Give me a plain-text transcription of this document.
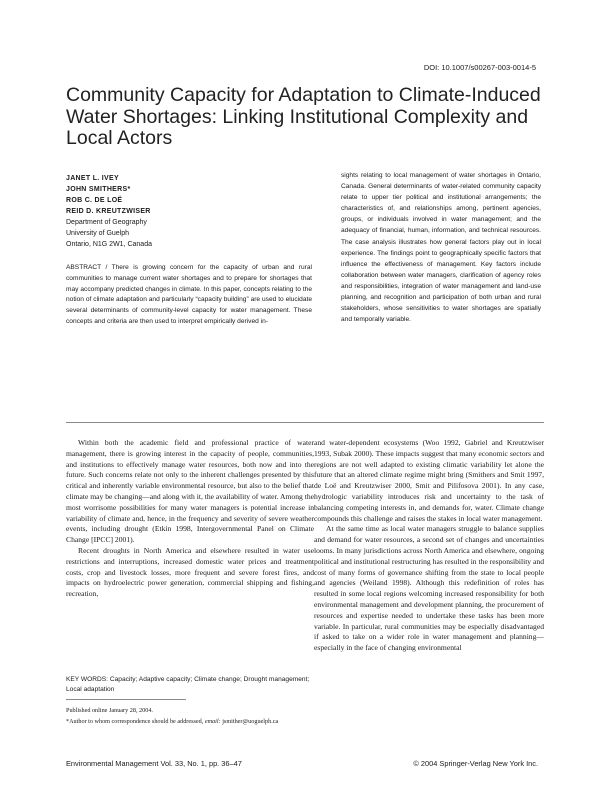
DOI: 10.1007/s00267-003-0014-5
Community Capacity for Adaptation to Climate-Induced Water Shortages: Linking Institutional Complexity and Local Actors
JANET L. IVEY
JOHN SMITHERS*
ROB C. DE LOË
REID D. KREUTZWISER
Department of Geography
University of Guelph
Ontario, N1G 2W1, Canada
ABSTRACT / There is growing concern for the capacity of urban and rural communities to manage current water shortages and to prepare for shortages that may accompany predicted changes in climate. In this paper, concepts relating to the notion of climate adaptation and particularly “capacity building” are used to elucidate several determinants of community-level capacity for water management. These concepts and criteria are then used to interpret empirically derived in-
sights relating to local management of water shortages in Ontario, Canada. General determinants of water-related community capacity relate to upper tier political and institutional arrangements; the characteristics of, and relationships among, pertinent agencies, groups, or individuals involved in water management; and the adequacy of financial, human, information, and technical resources. The case analysis illustrates how general factors play out in local experience. The findings point to geographically specific factors that influence the effectiveness of management. Key factors include collaboration between water managers, clarification of agency roles and responsibilities, integration of water management and land-use planning, and recognition and participation of both urban and rural stakeholders, whose sensitivities to water shortages are spatially and temporally variable.

Within both the academic field and professional practice of water management, there is growing interest in the capacity of people, communities, and institutions to effectively manage water resources, both now and into the future. Such concerns relate not only to the inherent challenges presented by this critical and inherently variable environmental resource, but also to the belief that climate may be changing—and along with it, the availability of water. Among the most worrisome possibilities for many water managers is potential increase in variability of climate and, hence, in the frequency and severity of severe weather events, including drought (Etkin 1998, Intergovernmental Panel on Climate Change [IPCC] 2001).

Recent droughts in North America and elsewhere resulted in water use restrictions and interruptions, increased domestic water prices and treatment costs, crop and livestock losses, more frequent and severe forest fires, and impacts on hydroelectric power generation, commercial shipping and fishing, recreation,

and water-dependent ecosystems (Woo 1992, Gabriel and Kreutzwiser 1993, Subak 2000). These impacts suggest that many economic sectors and regions are not well adapted to existing climatic variability let alone the future that an altered climate regime might bring (Smithers and Smit 1997, de Loë and Kreutzwiser 2000, Smit and Pilifosova 2001). In any case, hydrologic variability introduces risk and uncertainty to the task of balancing competing interests in, and demands for, water. Climate change compounds this challenge and raises the stakes in local water management.

At the same time as local water managers struggle to balance supplies and demand for water resources, a second set of changes and uncertainties looms. In many jurisdictions across North America and elsewhere, ongoing political and institutional restructuring has resulted in the responsibility and cost of many forms of governance shifting from the state to local people and agencies (Weiland 1998). Although this redefinition of roles has resulted in some local regions welcoming increased responsibility for both environmental management and development planning, the procurement of resources and expertise needed to undertake these tasks has been more variable. In particular, rural communities may be especially disadvantaged if asked to take on a wider role in water management and planning—especially in the face of changing environmental

KEY WORDS: Capacity; Adaptive capacity; Climate change; Drought management; Local adaptation
Published online January 28, 2004.
*Author to whom correspondence should be addressed, email: jsmither@uoguelph.ca
Environmental Management Vol. 33, No. 1, pp. 36–47	© 2004 Springer-Verlag New York Inc.
